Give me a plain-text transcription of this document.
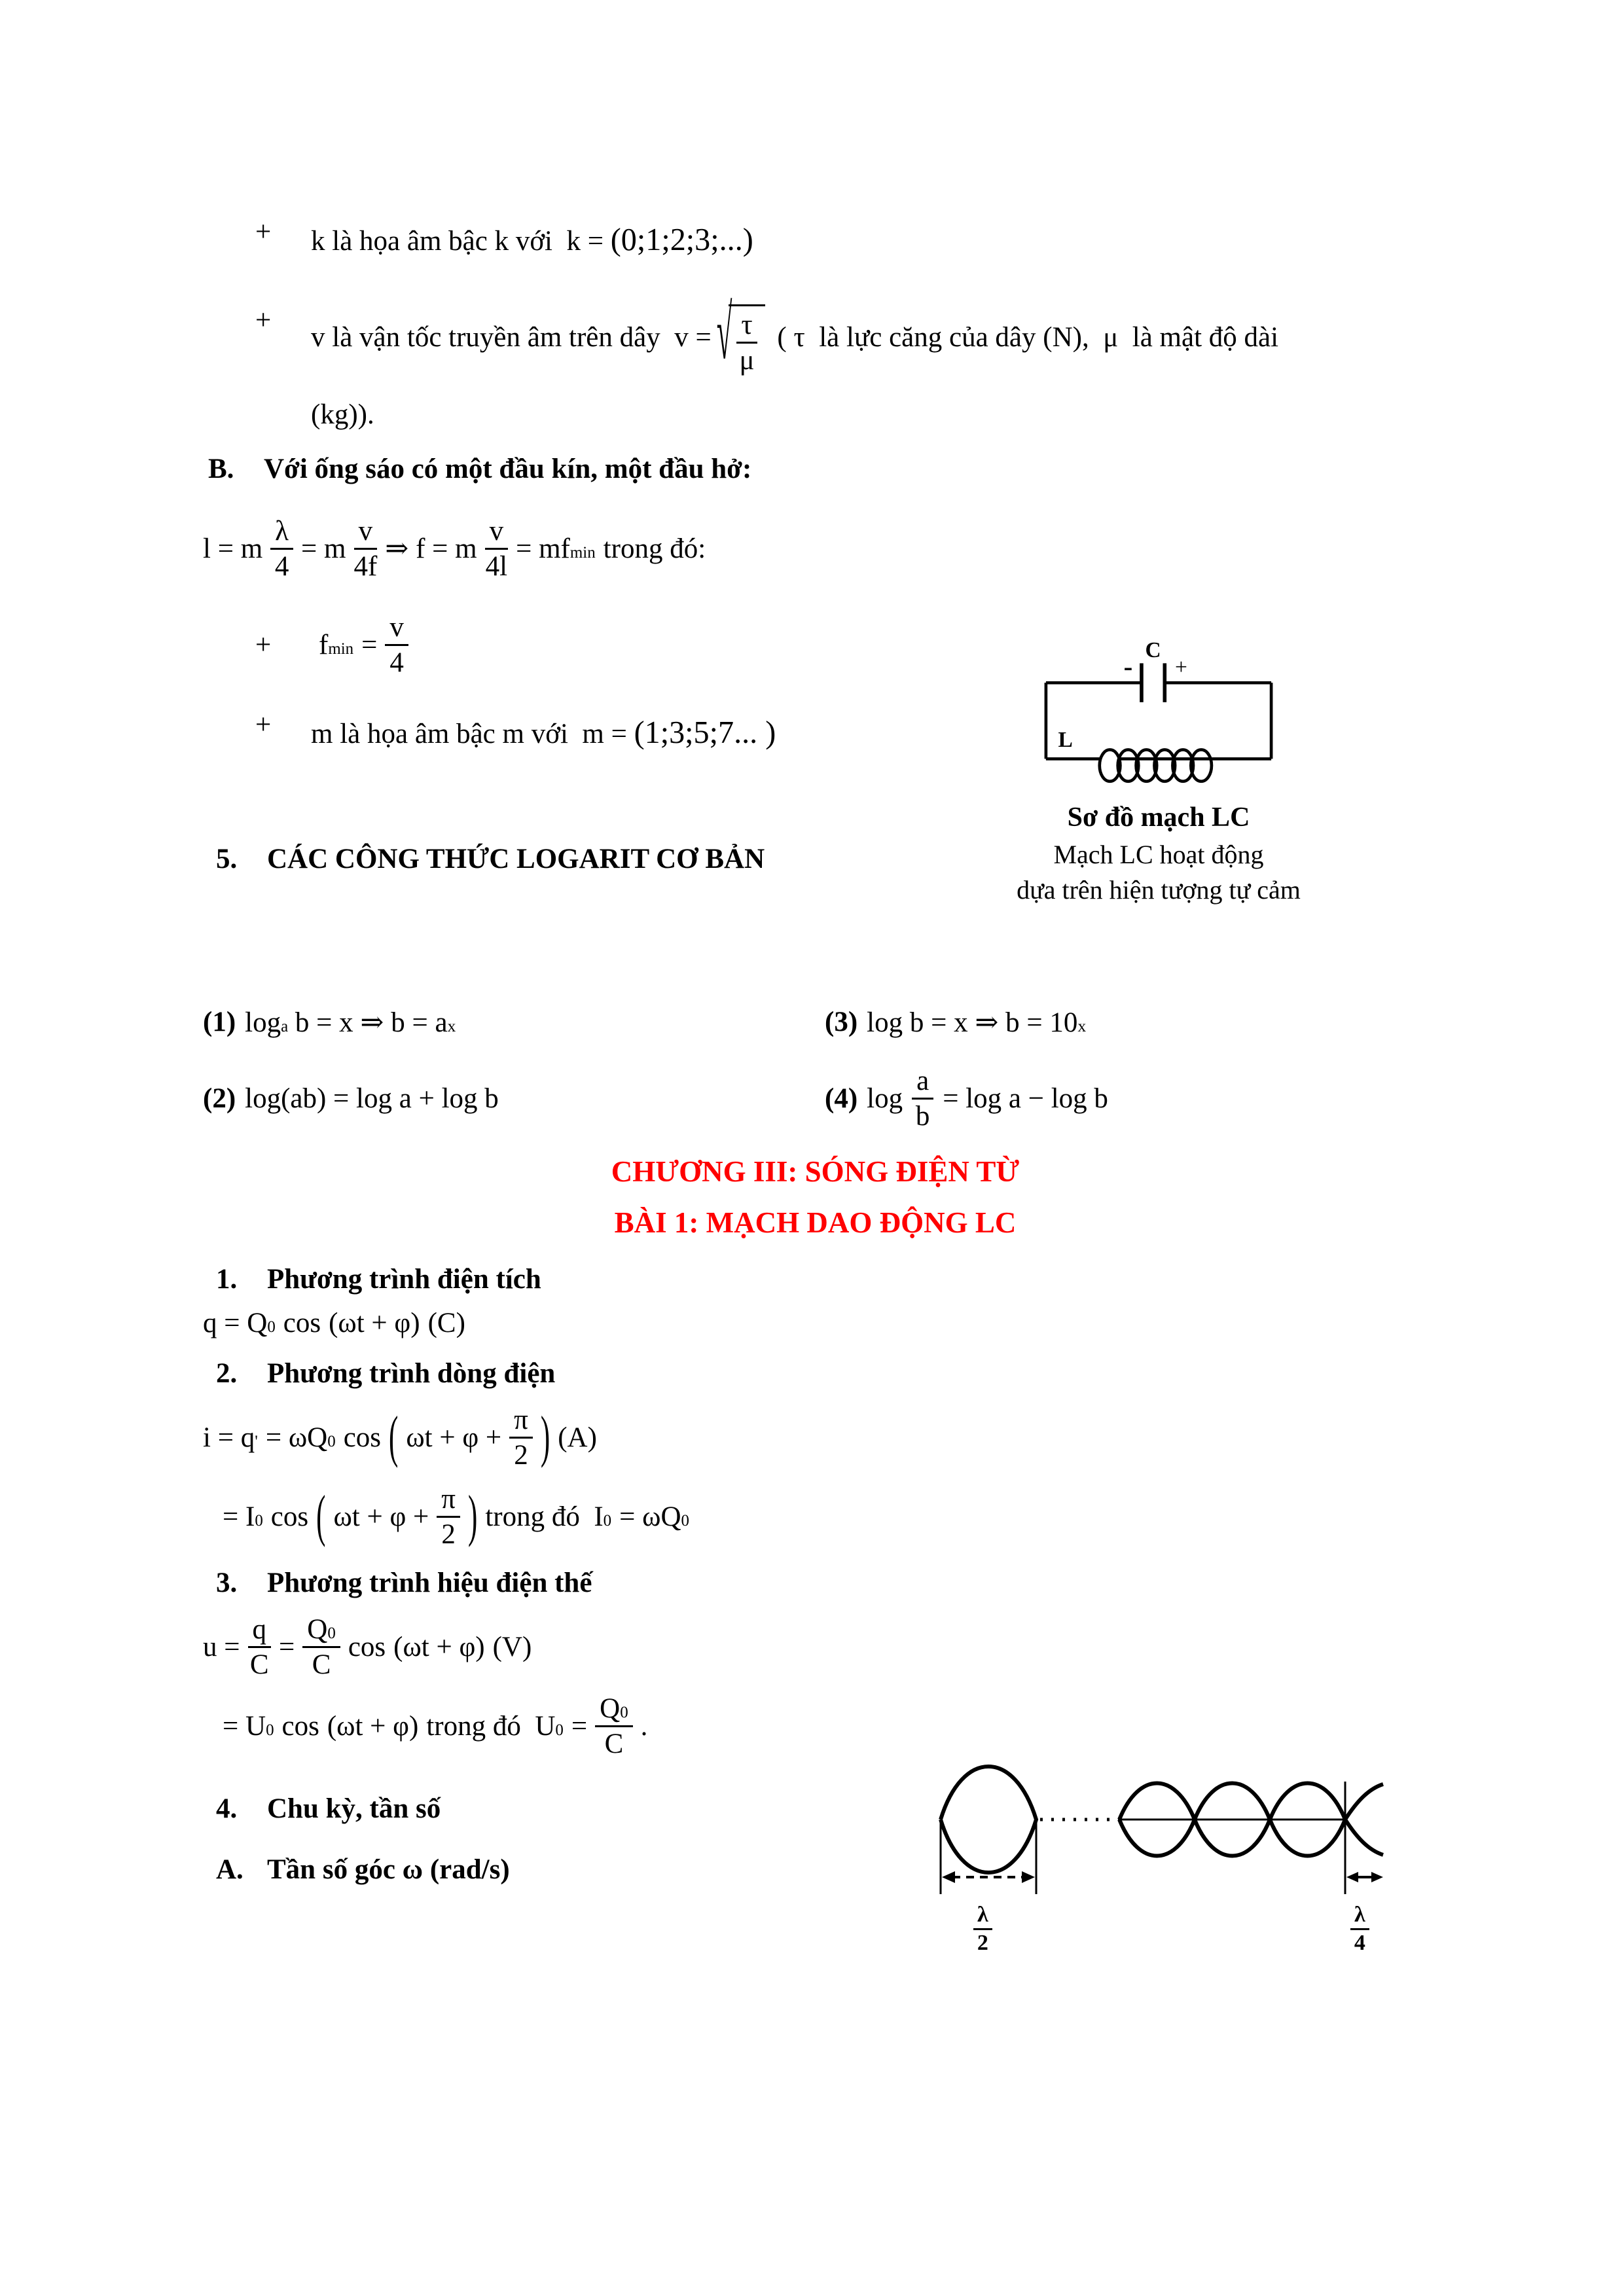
+	k là họa âm bậc k với  k = (0;1;2;3;...)
+
v là vận tốc truyền âm trên dây  v = √ $\frac{\tau}{\mu}$ ( τ  là lực căng của dây (N),  μ  là mật độ dài
(kg)).
B.	Với ống sáo có một đầu kín, một đầu hở:
l = m $\frac{\lambda}{4} = m \frac{v}{4f}$ ⇒ f = m $\frac{v}{4l}$ = mf min trong đó:
+	f $\min = \frac{v}{4}$
+	m là họa âm bậc m với  m = (1;3;5;7... )
5.	CÁC CÔNG THỨC LOGARIT CƠ BẢN
(1) log a b = x ⇒ b = a x	(3) log b = x ⇒ b = 10 x
(2) log(ab) = log a + log b	(4) $\log \frac{a}{b} = \log a - \log b$
CHƯƠNG III: SÓNG ĐIỆN TỪ
BÀI 1: MẠCH DAO ĐỘNG LC
1.	Phương trình điện tích
q = Q 0 cos (ωt + φ) (C)
2.	Phương trình dòng điện
i = q ' = ωQ 0 cos ( $\omega t + \varphi + \frac{\pi}{2}$ ) (A)
= I 0 cos ( $\omega t + \varphi + \frac{\pi}{2}$ ) trong đó  I 0 = ωQ 0
3.	Phương trình hiệu điện thế
$u = \frac{q}{C} = \frac{Q 0}{C}$ cos (ωt + φ) (V)
= U 0 cos (ωt + φ) trong đó  U $0 = \frac{Q 0}{C}$ .
4.	Chu kỳ, tần số
A. Tần số góc ω (rad/s)
C
- +
L
Sơ đồ mạch LC
Mạch LC hoạt động
dựa trên hiện tượng tự cảm
$\frac{\lambda}{2}$	$\frac{\lambda}{4}$
